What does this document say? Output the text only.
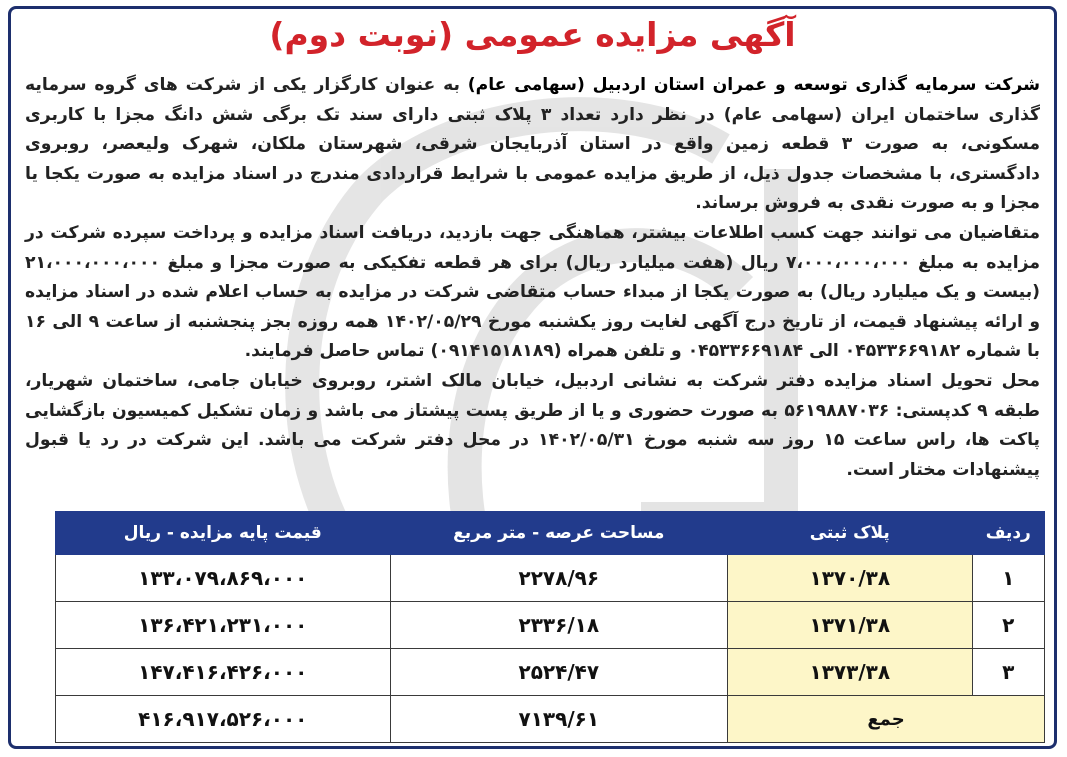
آگهی مزایده عمومی (نوبت دوم)

شرکت سرمایه گذاری توسعه و عمران استان اردبیل (سهامی عام) به عنوان کارگزار یکی از شرکت های گروه سرمایه گذاری ساختمان ایران (سهامی عام) در نظر دارد تعداد ۳ پلاک ثبتی دارای سند تک برگی شش دانگ مجزا با کاربری مسکونی، به صورت ۳ قطعه زمین واقع در استان آذربایجان شرقی، شهرستان ملکان، شهرک ولیعصر، روبروی دادگستری، با مشخصات جدول ذیل، از طریق مزایده عمومی با شرایط قراردادی مندرج در اسناد مزایده به صورت یکجا یا مجزا و به صورت نقدی به فروش برساند.

متقاضیان می توانند جهت کسب اطلاعات بیشتر، هماهنگی جهت بازدید، دریافت اسناد مزایده و پرداخت سپرده شرکت در مزایده به مبلغ ۷،۰۰۰،۰۰۰،۰۰۰ ریال (هفت میلیارد ریال) برای هر قطعه تفکیکی به صورت مجزا و مبلغ ۲۱،۰۰۰،۰۰۰،۰۰۰ (بیست و یک میلیارد ریال) به صورت یکجا از مبداء حساب متقاضی شرکت در مزایده به حساب اعلام شده در اسناد مزایده و ارائه پیشنهاد قیمت، از تاریخ درج آگهی لغایت روز یکشنبه مورخ ۱۴۰۲/۰۵/۲۹ همه روزه بجز پنجشنبه از ساعت ۹ الی ۱۶ با شماره ۰۴۵۳۳۶۶۹۱۸۲ الی ۰۴۵۳۳۶۶۹۱۸۴ و تلفن همراه (۰۹۱۴۱۵۱۸۱۸۹) تماس حاصل فرمایند.

محل تحویل اسناد مزایده دفتر شرکت به نشانی اردبیل، خیابان مالک اشتر، روبروی خیابان جامی، ساختمان شهریار، طبقه ۹ کدپستی: ۵۶۱۹۸۸۷۰۳۶ به صورت حضوری و یا از طریق پست پیشتاز می باشد و زمان تشکیل کمیسیون بازگشایی پاکت ها، راس ساعت ۱۵ روز سه شنبه مورخ ۱۴۰۲/۰۵/۳۱ در محل دفتر شرکت می باشد. این شرکت در رد یا قبول پیشنهادات مختار است.

ردیف	پلاک ثبتی	مساحت عرصه - متر مربع	قیمت پایه مزایده - ریال
۱	۱۳۷۰/۳۸	۲۲۷۸/۹۶	۱۳۳،۰۷۹،۸۶۹،۰۰۰
۲	۱۳۷۱/۳۸	۲۳۳۶/۱۸	۱۳۶،۴۲۱،۲۳۱،۰۰۰
۳	۱۳۷۳/۳۸	۲۵۲۴/۴۷	۱۴۷،۴۱۶،۴۲۶،۰۰۰
جمع		۷۱۳۹/۶۱	۴۱۶،۹۱۷،۵۲۶،۰۰۰
